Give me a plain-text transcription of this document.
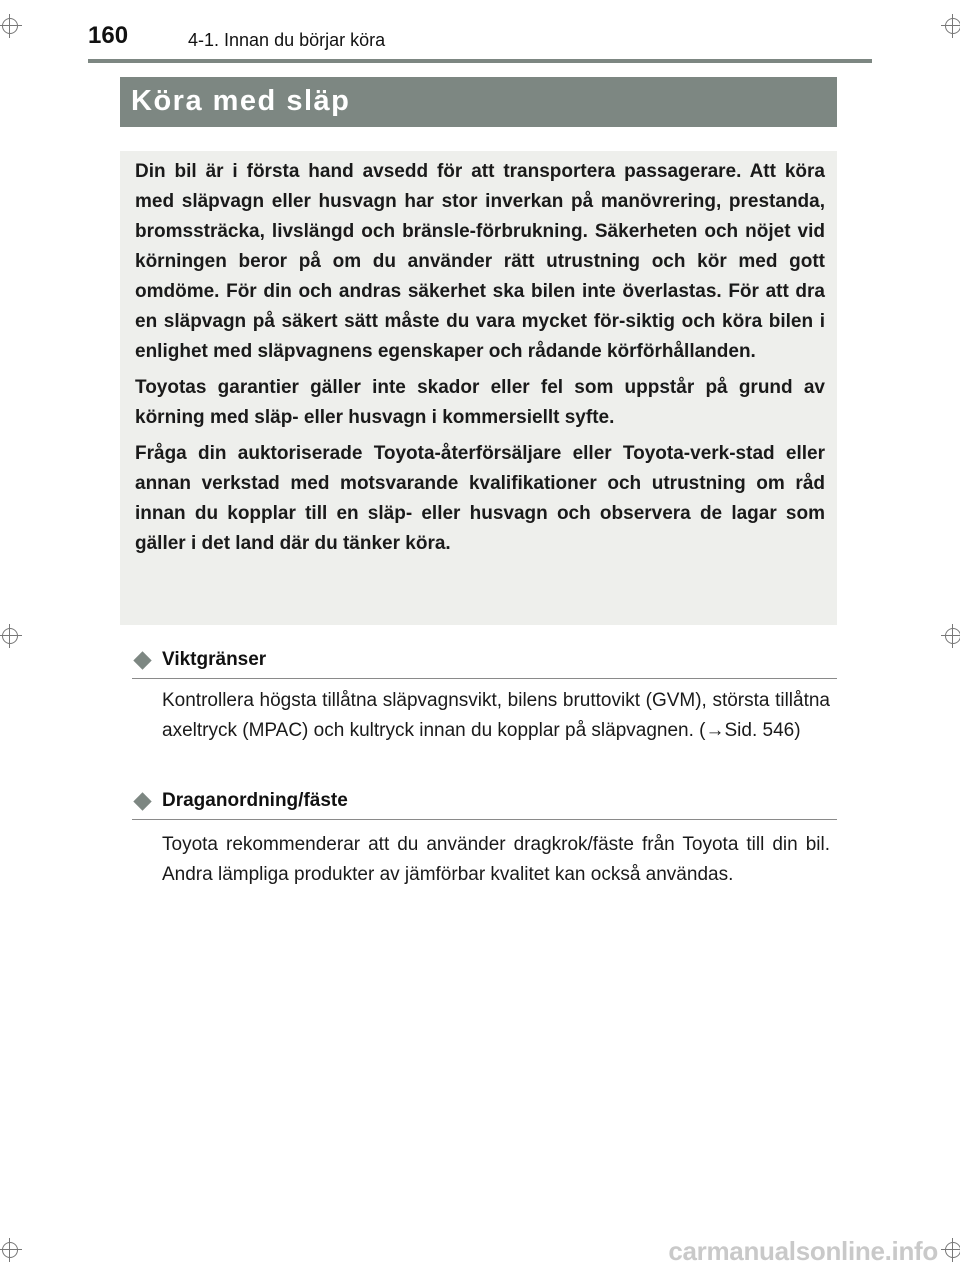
160	4-1. Innan du börjar köra
Köra med släp

Din bil är i första hand avsedd för att transportera passagerare. Att köra med släpvagn eller husvagn har stor inverkan på manövrering, prestanda, bromssträcka, livslängd och bränsle-förbrukning. Säkerheten och nöjet vid körningen beror på om du använder rätt utrustning och kör med gott omdöme. För din och andras säkerhet ska bilen inte överlastas. För att dra en släpvagn på säkert sätt måste du vara mycket för-siktig och köra bilen i enlighet med släpvagnens egenskaper och rådande körförhållanden.

Toyotas garantier gäller inte skador eller fel som uppstår på grund av körning med släp- eller husvagn i kommersiellt syfte.

Fråga din auktoriserade Toyota-återförsäljare eller Toyota-verk-stad eller annan verkstad med motsvarande kvalifikationer och utrustning om råd innan du kopplar till en släp- eller husvagn och observera de lagar som gäller i det land där du tänker köra.

Viktgränser

Kontrollera högsta tillåtna släpvagnsvikt, bilens bruttovikt (GVM), största tillåtna axeltryck (MPAC) och kultryck innan du kopplar på släpvagnen. (→Sid. 546)

Draganordning/fäste

Toyota rekommenderar att du använder dragkrok/fäste från Toyota till din bil. Andra lämpliga produkter av jämförbar kvalitet kan också användas.

carmanualsonline.info
